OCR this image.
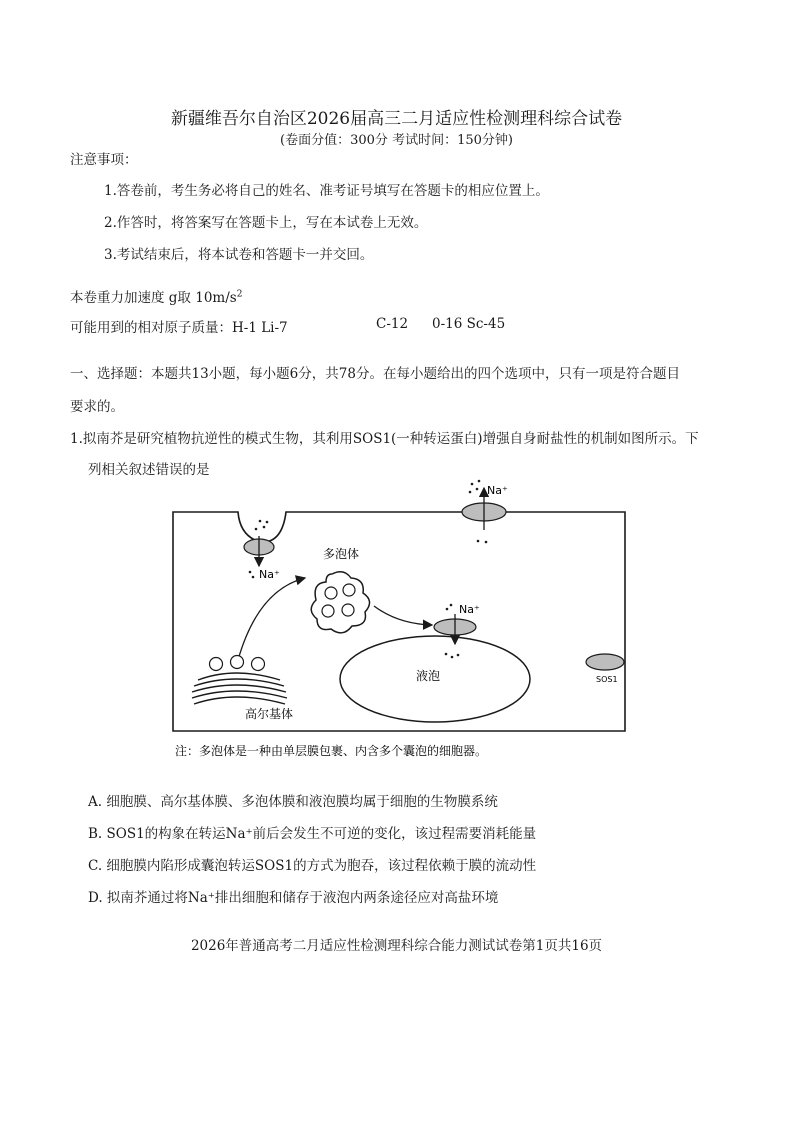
新疆维吾尔自治区2026届高三二月适应性检测理科综合试卷
(卷面分值：300分 考试时间：150分钟)
注意事项：
1.答卷前，考生务必将自己的姓名、准考证号填写在答题卡的相应位置上。
2.作答时，将答案写在答题卡上，写在本试卷上无效。
3.考试结束后，将本试卷和答题卡一并交回。
本卷重力加速度 g取 $10m/s^2$
可能用到的相对原子质量：H-1 Li-7	C-12 0-16 Sc-45
一、选择题：本题共13小题，每小题6分，共78分。在每小题给出的四个选项中，只有一项是符合题目
要求的。
1.拟南芥是研究植物抗逆性的模式生物，其利用SOS1(一种转运蛋白)增强自身耐盐性的机制如图所示。下
列相关叙述错误的是
Na⁺
Na⁺
多泡体
液泡
Na⁺
高尔基体
SOS1
注：多泡体是一种由单层膜包裹、内含多个囊泡的细胞器。
A. 细胞膜、高尔基体膜、多泡体膜和液泡膜均属于细胞的生物膜系统
B. SOS1的构象在转运Na⁺前后会发生不可逆的变化，该过程需要消耗能量
C. 细胞膜内陷形成囊泡转运SOS1的方式为胞吞，该过程依赖于膜的流动性
D. 拟南芥通过将Na⁺排出细胞和储存于液泡内两条途径应对高盐环境
2026年普通高考二月适应性检测理科综合能力测试试卷第1页共16页
